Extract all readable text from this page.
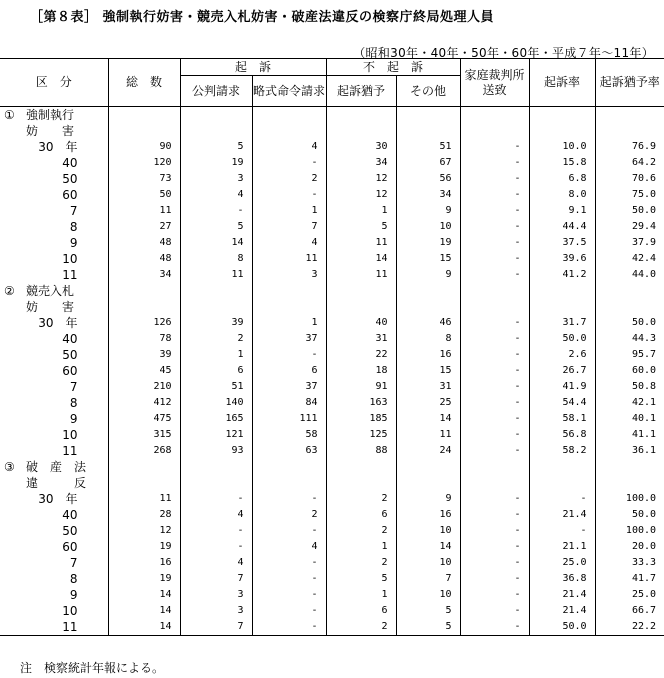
［第８表］ 強制執行妨害・競売入札妨害・破産法違反の検察庁終局処理人員
（昭和30年・40年・50年・60年・平成７年～11年）
区　分	総　数	起　訴		不　起　訴		家庭裁判所送致	起訴率	起訴猶予率
		公判請求	略式命令請求	起訴猶予	その他			
① 強制執行								
妨　　害								
30　年	90	5	4	30	51	-	10.0	76.9
40	120	19	-	34	67	-	15.8	64.2
50	73	3	2	12	56	-	6.8	70.6
60	50	4	-	12	34	-	8.0	75.0
7	11	-	1	1	9	-	9.1	50.0
8	27	5	7	5	10	-	44.4	29.4
9	48	14	4	11	19	-	37.5	37.9
10	48	8	11	14	15	-	39.6	42.4
11	34	11	3	11	9	-	41.2	44.0
② 競売入札								
妨　　害								
30　年	126	39	1	40	46	-	31.7	50.0
40	78	2	37	31	8	-	50.0	44.3
50	39	1	-	22	16	-	2.6	95.7
60	45	6	6	18	15	-	26.7	60.0
7	210	51	37	91	31	-	41.9	50.8
8	412	140	84	163	25	-	54.4	42.1
9	475	165	111	185	14	-	58.1	40.1
10	315	121	58	125	11	-	56.8	41.1
11	268	93	63	88	24	-	58.2	36.1
③ 破　産　法								
違　　　反								
30　年	11	-	-	2	9	-	-	100.0
40	28	4	2	6	16	-	21.4	50.0
50	12	-	-	2	10	-	-	100.0
60	19	-	4	1	14	-	21.1	20.0
7	16	4	-	2	10	-	25.0	33.3
8	19	7	-	5	7	-	36.8	41.7
9	14	3	-	1	10	-	21.4	25.0
10	14	3	-	6	5	-	21.4	66.7
11	14	7	-	2	5	-	50.0	22.2
注　検察統計年報による。
